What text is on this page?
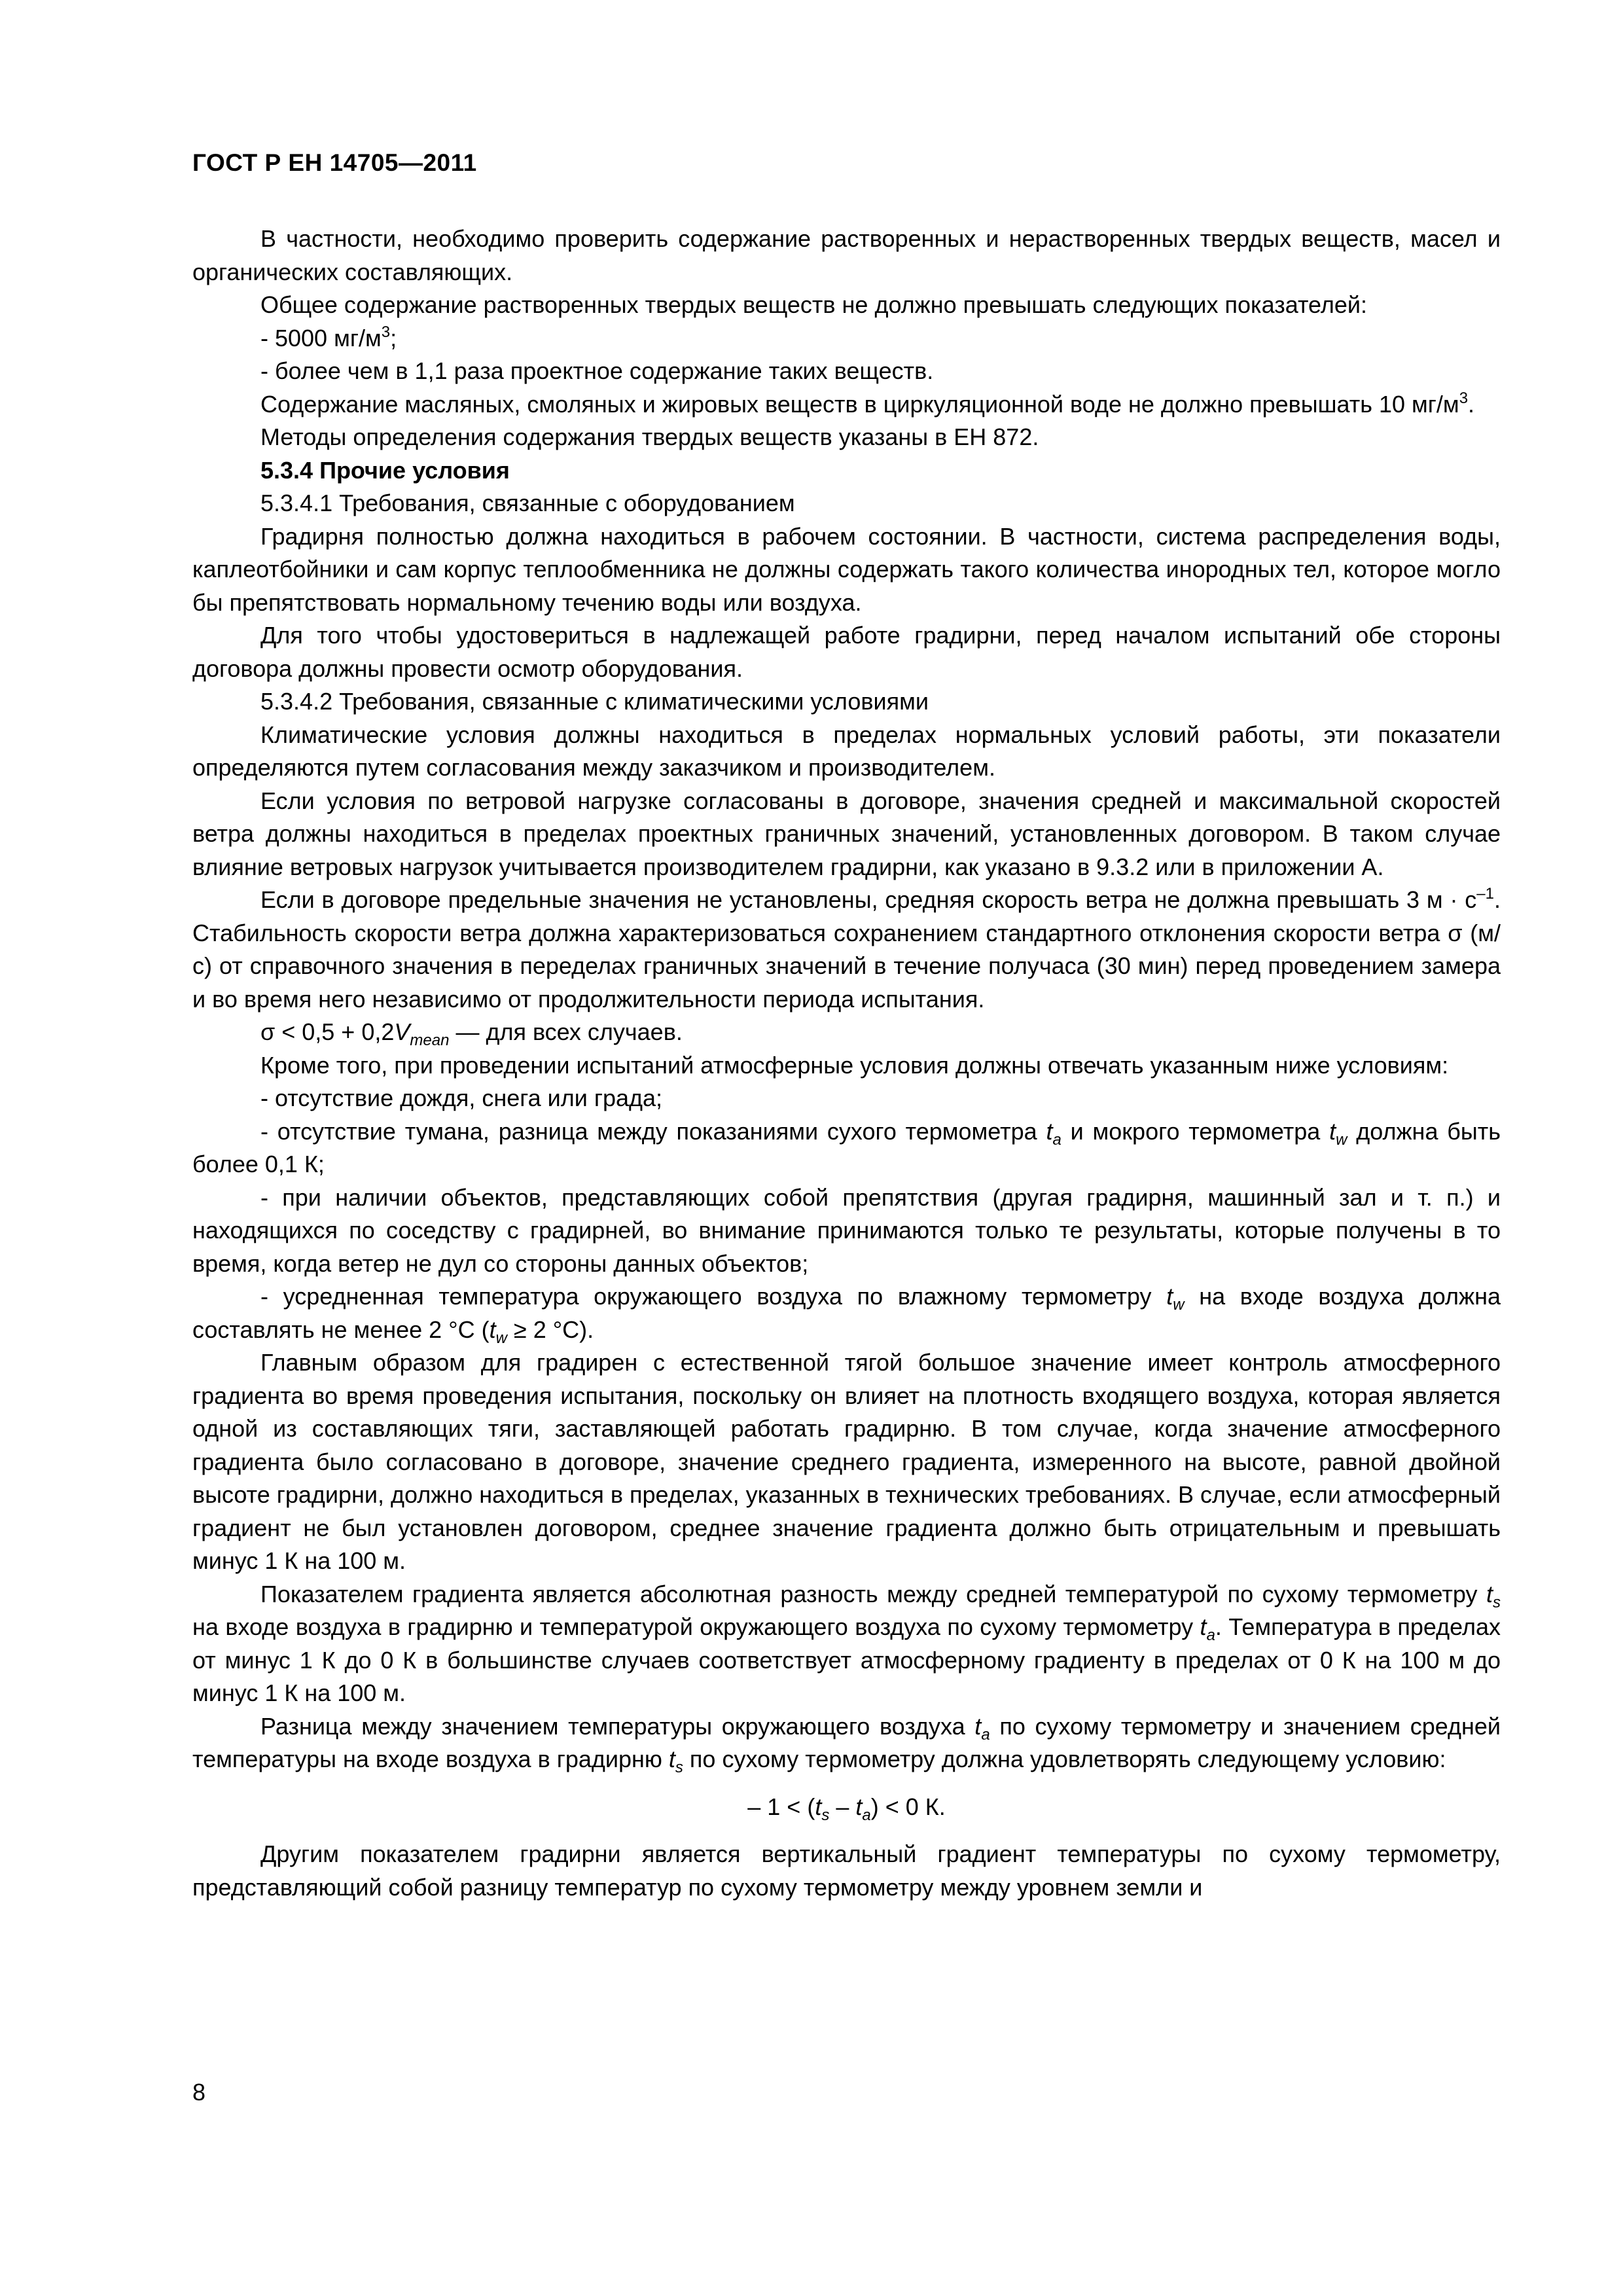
ГОСТ Р ЕН 14705—2011

В частности, необходимо проверить содержание растворенных и нерастворенных твердых веществ, масел и органических составляющих.

Общее содержание растворенных твердых веществ не должно превышать следующих показателей:

- 5000 $мг/м^3$;

- более чем в 1,1 раза проектное содержание таких веществ.

Содержание масляных, смоляных и жировых веществ в циркуляционной воде не должно превышать 10 $мг/м^3$.

Методы определения содержания твердых веществ указаны в ЕН 872.

5.3.4 Прочие условия

5.3.4.1 Требования, связанные с оборудованием

Градирня полностью должна находиться в рабочем состоянии. В частности, система распределения воды, каплеотбойники и сам корпус теплообменника не должны содержать такого количества инородных тел, которое могло бы препятствовать нормальному течению воды или воздуха.

Для того чтобы удостовериться в надлежащей работе градирни, перед началом испытаний обе стороны договора должны провести осмотр оборудования.

5.3.4.2 Требования, связанные с климатическими условиями

Климатические условия должны находиться в пределах нормальных условий работы, эти показатели определяются путем согласования между заказчиком и производителем.

Если условия по ветровой нагрузке согласованы в договоре, значения средней и максимальной скоростей ветра должны находиться в пределах проектных граничных значений, установленных договором. В таком случае влияние ветровых нагрузок учитывается производителем градирни, как указано в 9.3.2 или в приложении А.

Если в договоре предельные значения не установлены, средняя скорость ветра не должна превышать 3 $м \cdot с^{-1}$. Стабильность скорости ветра должна характеризоваться сохранением стандартного отклонения скорости ветра σ (м/с) от справочного значения в переделах граничных значений в течение получаса (30 мин) перед проведением замера и во время него независимо от продолжительности периода испытания.

$\sigma < 0,5 + 0,2V_{mean}$ — для всех случаев.

Кроме того, при проведении испытаний атмосферные условия должны отвечать указанным ниже условиям:

- отсутствие дождя, снега или града;

- отсутствие тумана, разница между показаниями сухого термометра $t_a$ и мокрого термометра $t_w$ должна быть более 0,1 К;

- при наличии объектов, представляющих собой препятствия (другая градирня, машинный зал и т. п.) и находящихся по соседству с градирней, во внимание принимаются только те результаты, которые получены в то время, когда ветер не дул со стороны данных объектов;

- усредненная температура окружающего воздуха по влажному термометру $t_w$ на входе воздуха должна составлять не менее 2 °С ($t_w \ge 2$ °С).

Главным образом для градирен с естественной тягой большое значение имеет контроль атмосферного градиента во время проведения испытания, поскольку он влияет на плотность входящего воздуха, которая является одной из составляющих тяги, заставляющей работать градирню. В том случае, когда значение атмосферного градиента было согласовано в договоре, значение среднего градиента, измеренного на высоте, равной двойной высоте градирни, должно находиться в пределах, указанных в технических требованиях. В случае, если атмосферный градиент не был установлен договором, среднее значение градиента должно быть отрицательным и превышать минус 1 К на 100 м.

Показателем градиента является абсолютная разность между средней температурой по сухому термометру $t_s$ на входе воздуха в градирню и температурой окружающего воздуха по сухому термометру $t_a$. Температура в пределах от минус 1 К до 0 К в большинстве случаев соответствует атмосферному градиенту в пределах от 0 К на 100 м до минус 1 К на 100 м.

Разница между значением температуры окружающего воздуха $t_a$ по сухому термометру и значением средней температуры на входе воздуха в градирню $t_s$ по сухому термометру должна удовлетворять следующему условию:

– $1 < (t_s - t_a) < 0$ К.

Другим показателем градирни является вертикальный градиент температуры по сухому термометру, представляющий собой разницу температур по сухому термометру между уровнем земли и

8
